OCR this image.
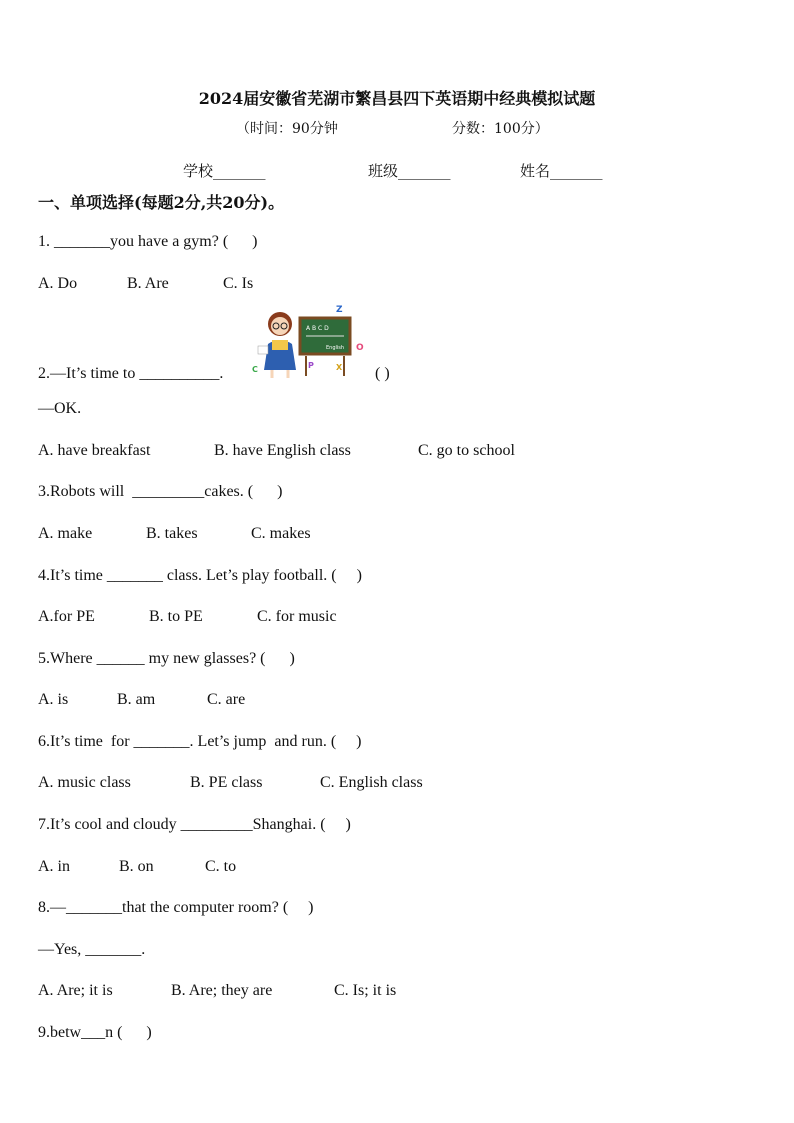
2024届安徽省芜湖市繁昌县四下英语期中经典模拟试题
（时间：90分钟	分数：100分）
学校_______	班级_______	姓名_______
一、单项选择(每题2分,共20分)。
1. _______you have a gym? (      )
A. Do	B. Are	C. Is
A B C D
English
Z
O
P	X
C
2.—It’s time to __________.	( )
—OK.
A. have breakfast	B. have English class	C. go to school
3.Robots will  _________cakes. (      )
A. make	B. takes	C. makes
4.It’s time _______ class. Let’s play football. (     )
A.for PE	B. to PE	C. for music
5.Where ______ my new glasses? (      )
A. is	B. am	C. are
6.It’s time  for _______. Let’s jump  and run. (     )
A. music class	B. PE class	C. English class
7.It’s cool and cloudy _________Shanghai. (     )
A. in	B. on	C. to
8.—_______that the computer room? (     )
—Yes, _______.
A. Are; it is	B. Are; they are	C. Is; it is
9.betw___n (      )
